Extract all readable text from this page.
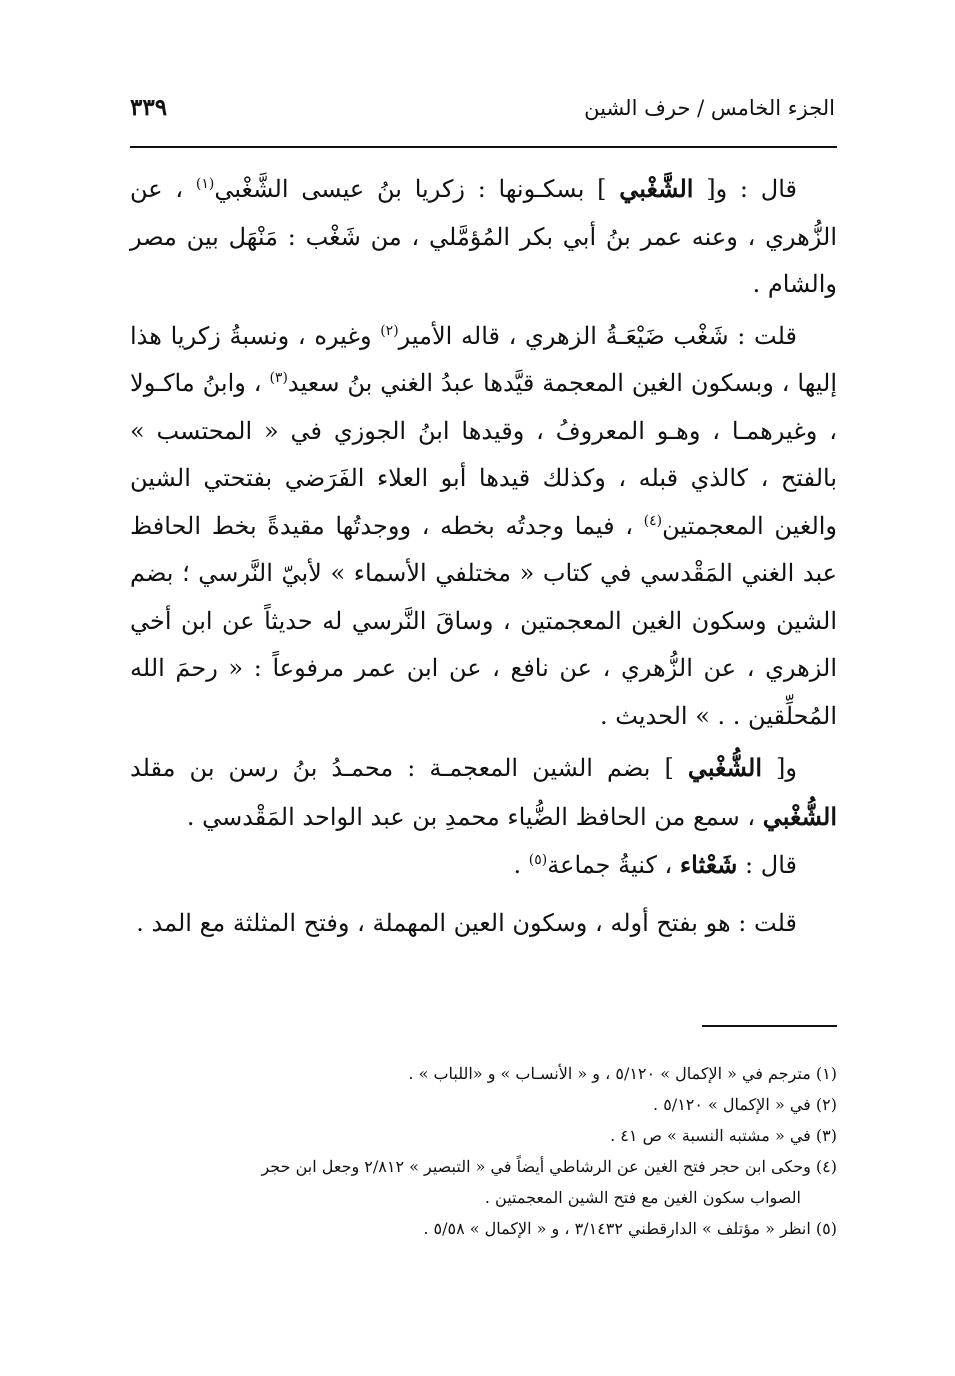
الجزء الخامس / حرف الشين
٣٣٩

قال : و[ الشَّغْبي ] بسكـونها : زكريا بنُ عيسى الشَّغْبي$^{(١)}$ ، عن الزُّهري ، وعنه عمر بنُ أبي بكر المُؤمَّلي ، من شَغْب : مَنْهَل بين مصر والشام .

قلت : شَغْب ضَيْعَـةُ الزهري ، قاله الأمير$^{(٢)}$ وغيره ، ونسبةُ زكريا هذا إليها ، وبسكون الغين المعجمة قيَّدها عبدُ الغني بنُ سعيد$^{(٣)}$ ، وابنُ ماكـولا ، وغيرهمـا ، وهـو المعروفُ ، وقيدها ابنُ الجوزي في « المحتسب » بالفتح ، كالذي قبله ، وكذلك قيدها أبو العلاء الفَرَضي بفتحتي الشين والغين المعجمتين$^{(٤)}$ ، فيما وجدتُه بخطه ، ووجدتُها مقيدةً بخط الحافظ عبد الغني المَقْدسي في كتاب « مختلفي الأسماء » لأبيّ النَّرسي ؛ بضم الشين وسكون الغين المعجمتين ، وساقَ النَّرسي له حديثاً عن ابن أخي الزهري ، عن الزُّهري ، عن نافع ، عن ابن عمر مرفوعاً : « رحمَ الله المُحلِّقين . . » الحديث .

و[ الشُّغْبي ] بضم الشين المعجمـة : محمـدُ بنُ رسن بن مقلد الشُّغْبي ، سمع من الحافظ الضُّياء محمدِ بن عبد الواحد المَقْدسي .

قال : شَعْثاء ، كنيةُ جماعة$^{(٥)}$ .

قلت : هو بفتح أوله ، وسكون العين المهملة ، وفتح المثلثة مع المد .

(١) مترجم في « الإكمال » ٥/١٢٠ ، و « الأنسـاب » و «اللباب » .

(٢) في « الإكمال » ٥/١٢٠ .

(٣) في « مشتبه النسبة » ص ٤١ .

(٤) وحكى ابن حجر فتح الغين عن الرشاطي أيضاً في « التبصير » ٢/٨١٢ وجعل ابن حجر
الصواب سكون الغين مع فتح الشين المعجمتين .

(٥) انظر « مؤتلف » الدارقطني ٣/١٤٣٢ ، و « الإكمال » ٥/٥٨ .
